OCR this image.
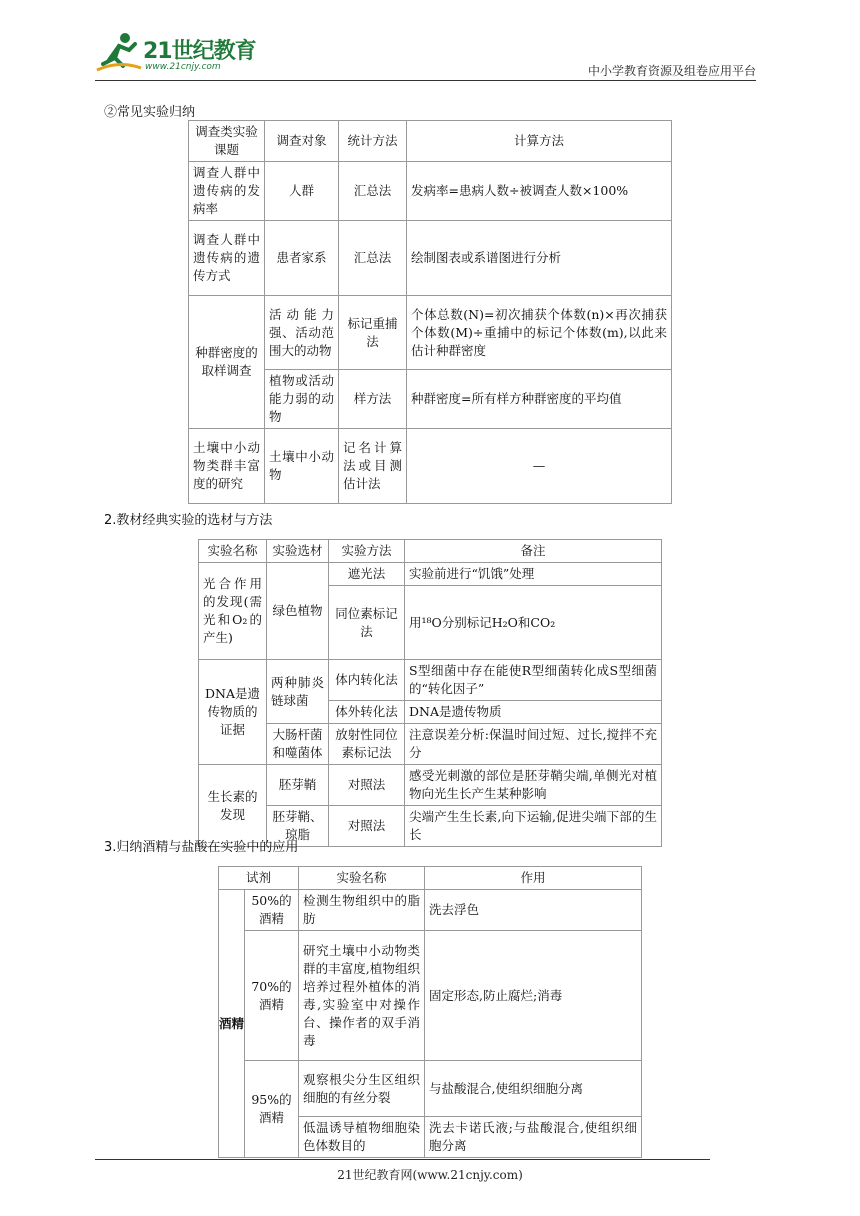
21世纪教育
www.21cnjy.com	中小学教育资源及组卷应用平台
②常见实验归纳
调查类实验课题	调查对象	统计方法	计算方法
调查人群中遗传病的发病率	人群	汇总法	发病率=患病人数÷被调查人数×100%
调查人群中遗传病的遗传方式	患者家系	汇总法	绘制图表或系谱图进行分析
种群密度的取样调查	活动能力强、活动范围大的动物	标记重捕法	个体总数(N)=初次捕获个体数(n)×再次捕获个体数(M)÷重捕中的标记个体数(m),以此来估计种群密度
	植物或活动能力弱的动物	样方法	种群密度=所有样方种群密度的平均值
土壤中小动物类群丰富度的研究	土壤中小动物	记名计算法或目测估计法	—
2.教材经典实验的选材与方法
实验名称	实验选材	实验方法	备注
光合作用的发现(需光和O₂的产生)	绿色植物	遮光法	实验前进行“饥饿”处理
		同位素标记法	用¹⁸O分别标记H₂O和CO₂
DNA是遗传物质的证据	两种肺炎链球菌	体内转化法	S型细菌中存在能使R型细菌转化成S型细菌的“转化因子”
		体外转化法	DNA是遗传物质
	大肠杆菌和噬菌体	放射性同位素标记法	注意误差分析:保温时间过短、过长,搅拌不充分
生长素的发现	胚芽鞘	对照法	感受光刺激的部位是胚芽鞘尖端,单侧光对植物向光生长产生某种影响
	胚芽鞘、琼脂	对照法	尖端产生生长素,向下运输,促进尖端下部的生长
3.归纳酒精与盐酸在实验中的应用
试剂		实验名称	作用
酒精	50%的酒精	检测生物组织中的脂肪	洗去浮色
	70%的酒精	研究土壤中小动物类群的丰富度,植物组织培养过程外植体的消毒,实验室中对操作台、操作者的双手消毒	固定形态,防止腐烂;消毒
	95%的酒精	观察根尖分生区组织细胞的有丝分裂	与盐酸混合,使组织细胞分离
		低温诱导植物细胞染色体数目的	洗去卡诺氏液;与盐酸混合,使组织细胞分离
21世纪教育网(www.21cnjy.com)
